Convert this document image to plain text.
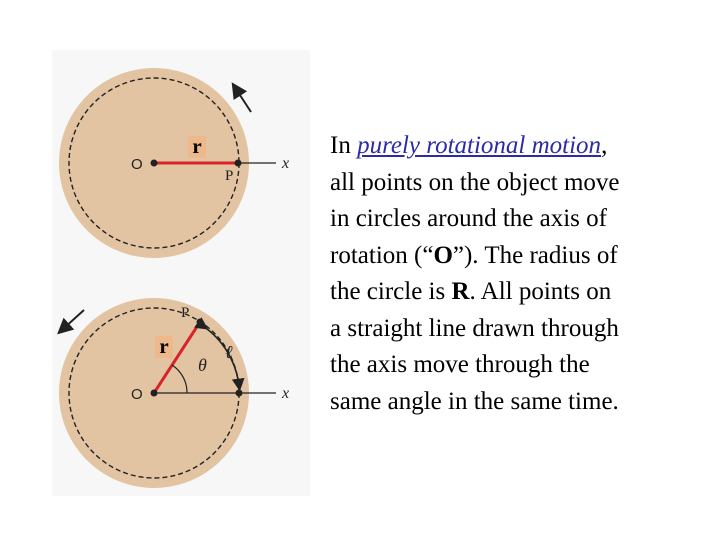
r
O
P
x
r
O
P
x
θ
ℓ
In purely rotational motion,
all points on the object move
in circles around the axis of
rotation (“O”). The radius of
the circle is R. All points on
a straight line drawn through
the axis move through the
same angle in the same time.
